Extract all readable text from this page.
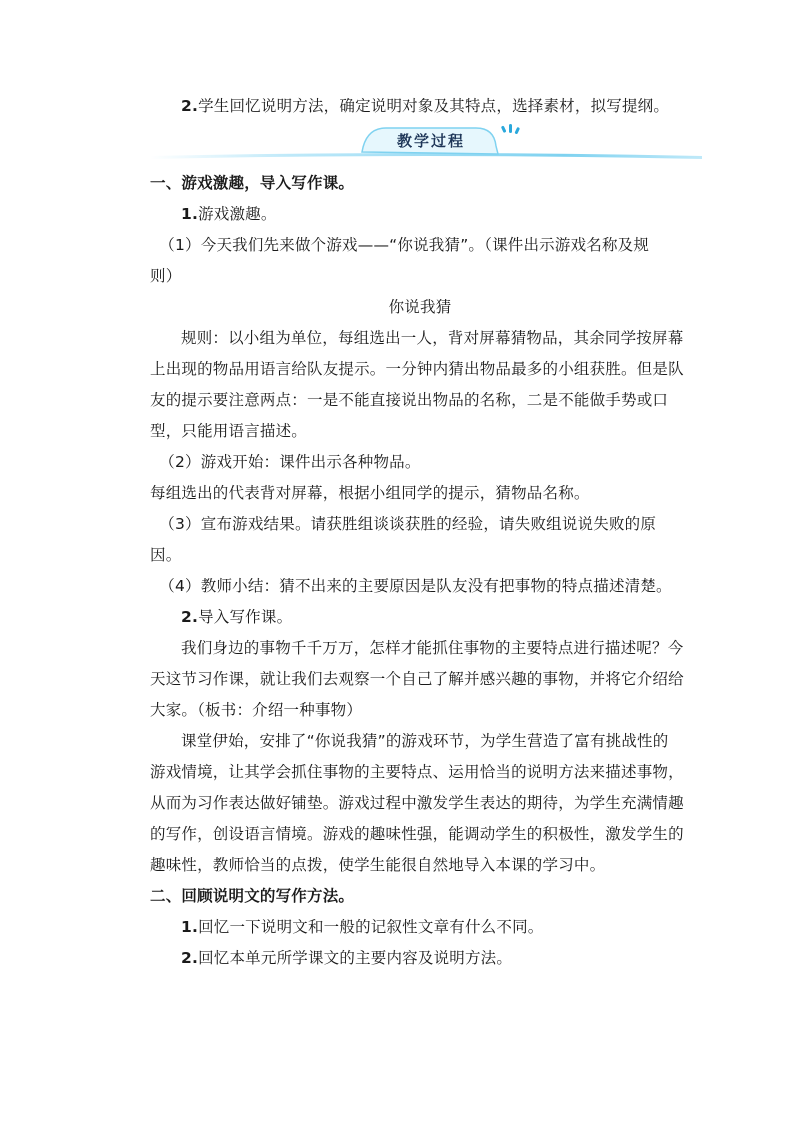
2.学生回忆说明方法，确定说明对象及其特点，选择素材，拟写提纲。
教学过程
一、游戏激趣，导入写作课。
1.游戏激趣。
（1）今天我们先来做个游戏——“你说我猜”。（课件出示游戏名称及规
则）
你说我猜
规则：以小组为单位，每组选出一人，背对屏幕猜物品，其余同学按屏幕
上出现的物品用语言给队友提示。一分钟内猜出物品最多的小组获胜。但是队
友的提示要注意两点：一是不能直接说出物品的名称，二是不能做手势或口
型，只能用语言描述。
（2）游戏开始：课件出示各种物品。
每组选出的代表背对屏幕，根据小组同学的提示，猜物品名称。
（3）宣布游戏结果。请获胜组谈谈获胜的经验，请失败组说说失败的原
因。
（4）教师小结：猜不出来的主要原因是队友没有把事物的特点描述清楚。
2.导入写作课。
我们身边的事物千千万万，怎样才能抓住事物的主要特点进行描述呢？今
天这节习作课，就让我们去观察一个自己了解并感兴趣的事物，并将它介绍给
大家。（板书：介绍一种事物）
课堂伊始，安排了“你说我猜”的游戏环节，为学生营造了富有挑战性的
游戏情境，让其学会抓住事物的主要特点、运用恰当的说明方法来描述事物，
从而为习作表达做好铺垫。游戏过程中激发学生表达的期待，为学生充满情趣
的写作，创设语言情境。游戏的趣味性强，能调动学生的积极性，激发学生的
趣味性，教师恰当的点拨，使学生能很自然地导入本课的学习中。
二、回顾说明文的写作方法。
1.回忆一下说明文和一般的记叙性文章有什么不同。
2.回忆本单元所学课文的主要内容及说明方法。
